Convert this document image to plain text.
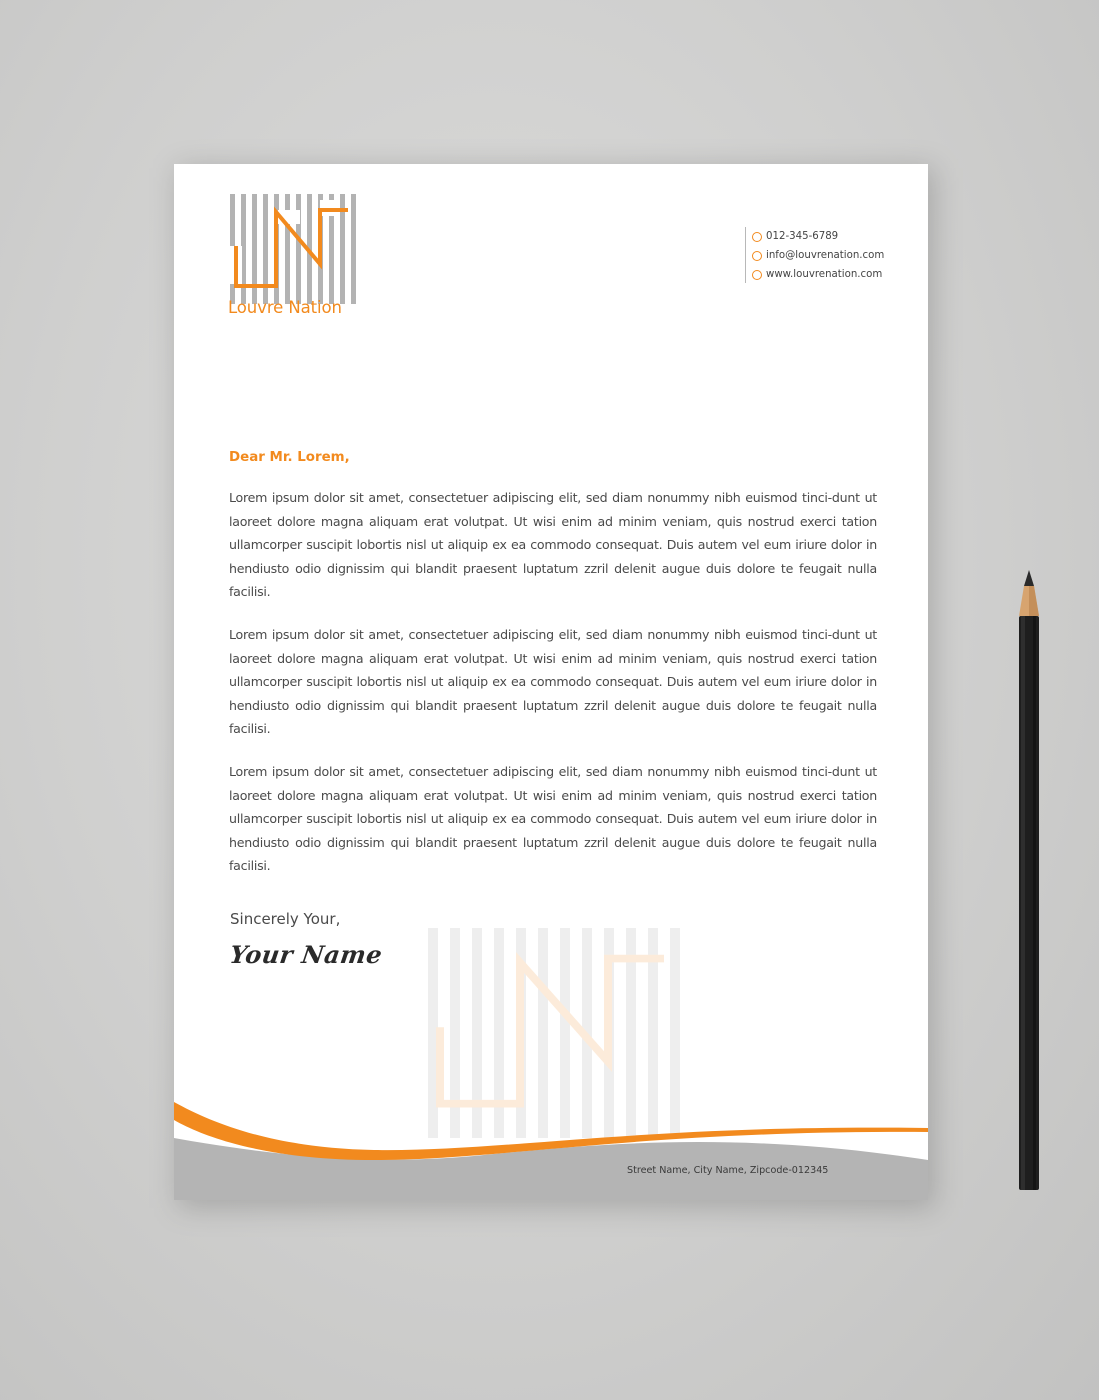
Louvre Nation
012-345-6789
info@louvrenation.com
www.louvrenation.com
Dear Mr. Lorem,
Lorem ipsum dolor sit amet, consectetuer adipiscing elit, sed diam nonummy nibh euismod tinci-dunt ut laoreet dolore magna aliquam erat volutpat. Ut wisi enim ad minim veniam, quis nostrud exerci tation ullamcorper suscipit lobortis nisl ut aliquip ex ea commodo consequat. Duis autem vel eum iriure dolor in hendiusto odio dignissim qui blandit praesent luptatum zzril delenit augue duis dolore te feugait nulla facilisi.
Lorem ipsum dolor sit amet, consectetuer adipiscing elit, sed diam nonummy nibh euismod tinci-dunt ut laoreet dolore magna aliquam erat volutpat. Ut wisi enim ad minim veniam, quis nostrud exerci tation ullamcorper suscipit lobortis nisl ut aliquip ex ea commodo consequat. Duis autem vel eum iriure dolor in hendiusto odio dignissim qui blandit praesent luptatum zzril delenit augue duis dolore te feugait nulla facilisi.
Lorem ipsum dolor sit amet, consectetuer adipiscing elit, sed diam nonummy nibh euismod tinci-dunt ut laoreet dolore magna aliquam erat volutpat. Ut wisi enim ad minim veniam, quis nostrud exerci tation ullamcorper suscipit lobortis nisl ut aliquip ex ea commodo consequat. Duis autem vel eum iriure dolor in hendiusto odio dignissim qui blandit praesent luptatum zzril delenit augue duis dolore te feugait nulla facilisi.
Sincerely Your,
Your Name
Street Name, City Name, Zipcode-012345
